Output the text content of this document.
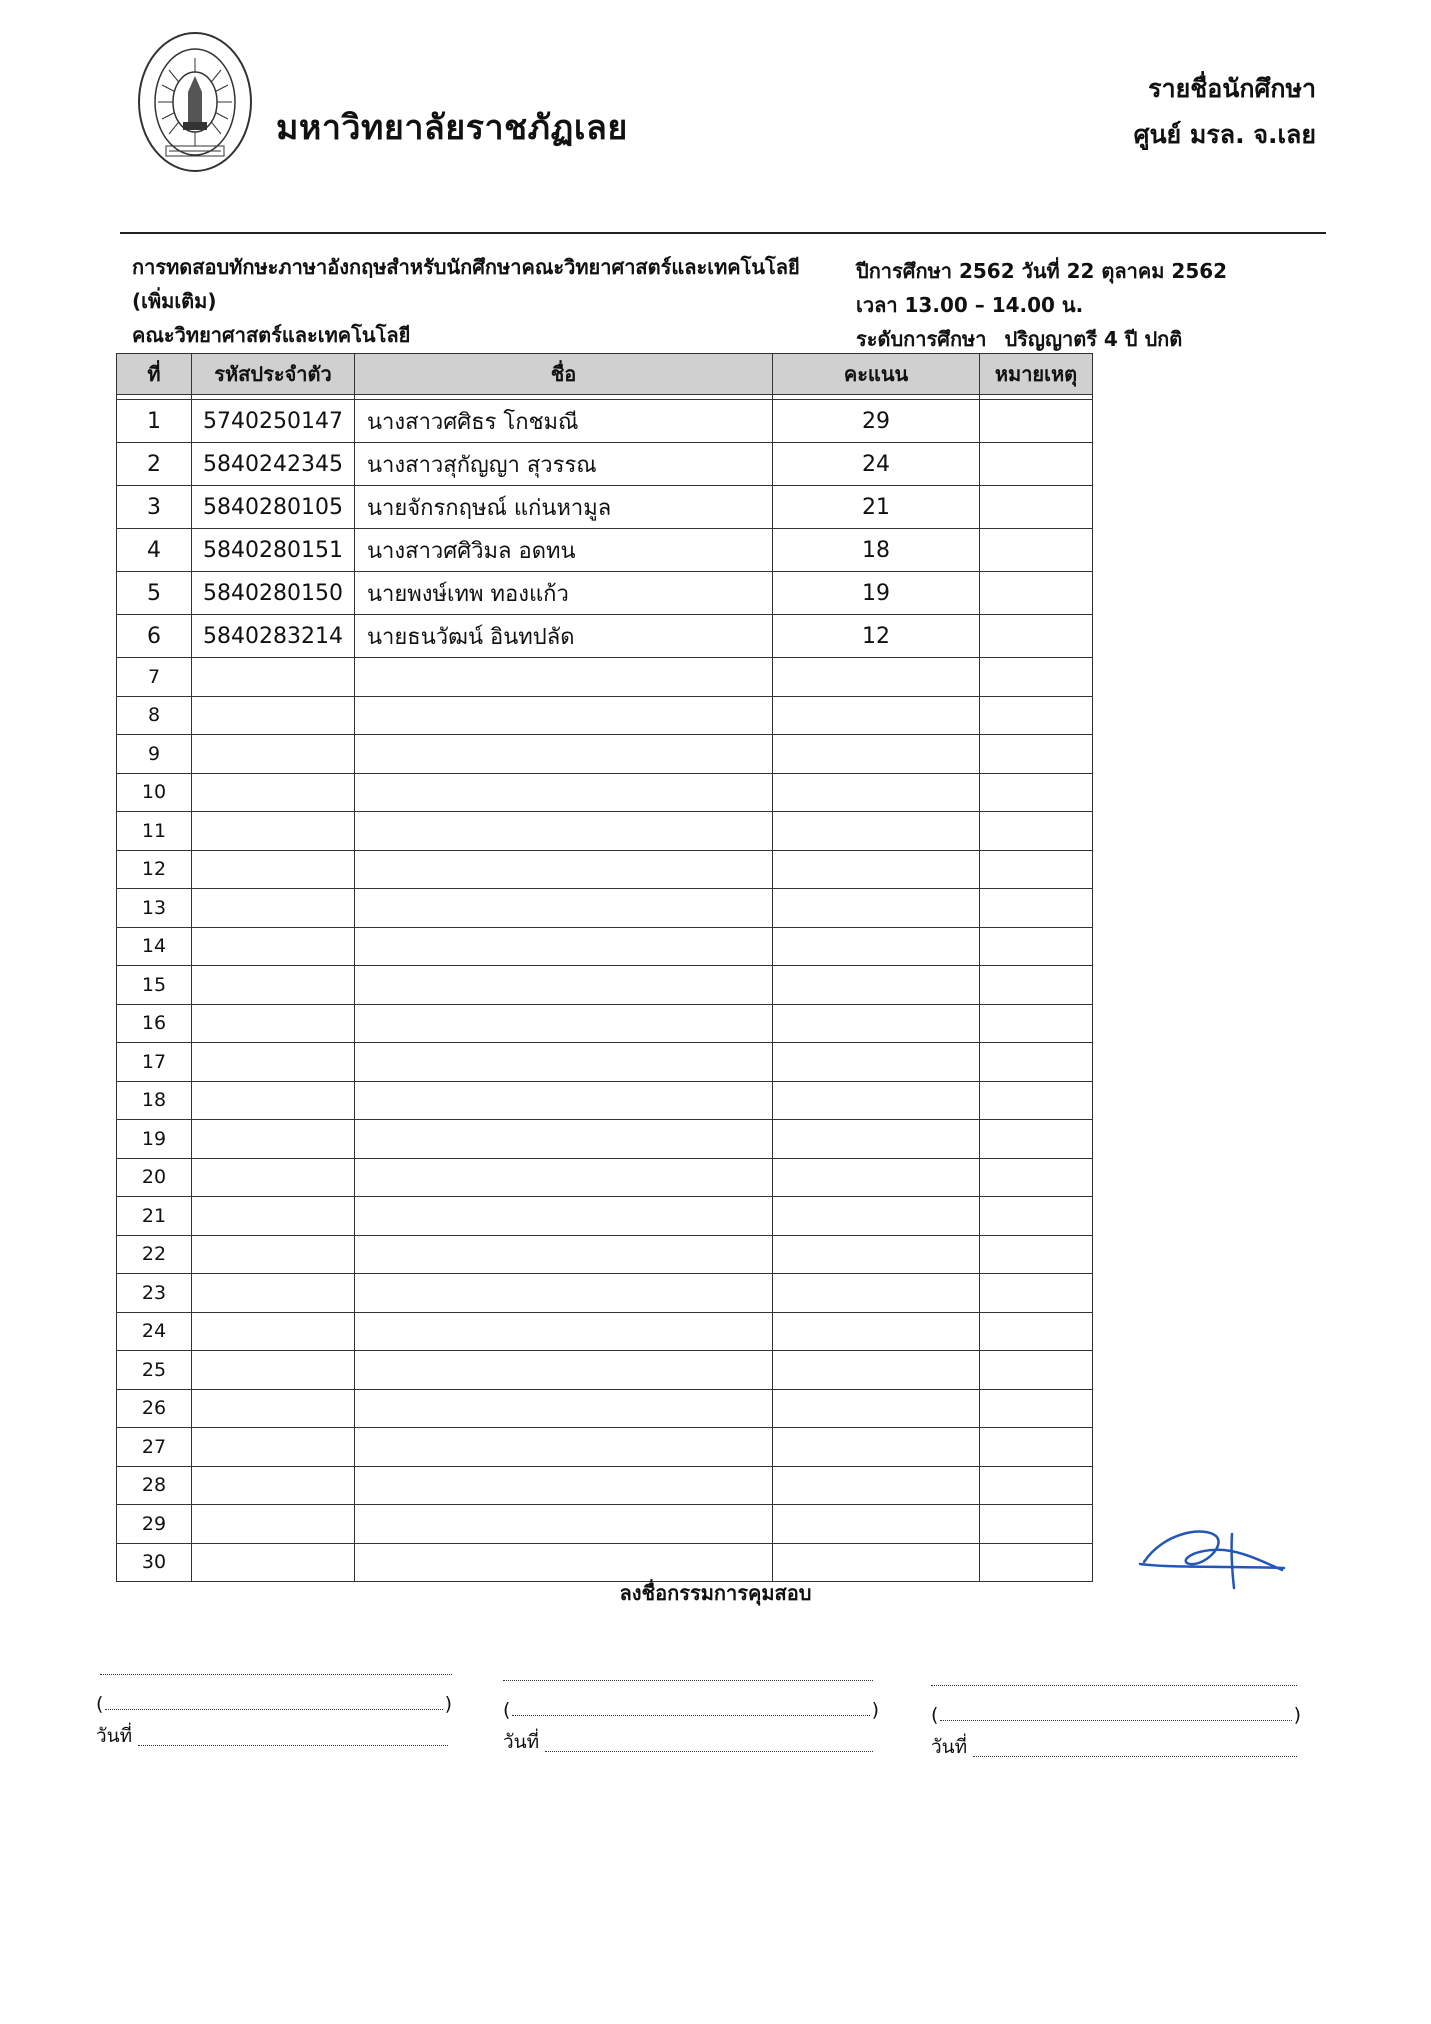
มหาวิทยาลัยราชภัฏเลย
รายชื่อนักศึกษา
ศูนย์ มรล. จ.เลย
การทดสอบทักษะภาษาอังกฤษสำหรับนักศึกษาคณะวิทยาศาสตร์และเทคโนโลยี
(เพิ่มเติม)
คณะวิทยาศาสตร์และเทคโนโลยี
ปีการศึกษา 2562 วันที่ 22 ตุลาคม 2562
เวลา 13.00 – 14.00 น.
ระดับการศึกษา ปริญญาตรี 4 ปี ปกติ
ที่	รหัสประจำตัว	ชื่อ	คะแนน	หมายเหตุ

1	5740250147	นางสาวศศิธร โกชมณี	29	
2	5840242345	นางสาวสุกัญญา สุวรรณ	24	
3	5840280105	นายจักรกฤษณ์ แก่นหามูล	21	
4	5840280151	นางสาวศศิวิมล อดทน	18	
5	5840280150	นายพงษ์เทพ ทองแก้ว	19	
6	5840283214	นายธนวัฒน์ อินทปลัด	12	
7				
8				
9				
10				
11				
12				
13				
14				
15				
16				
17				
18				
19				
20				
21				
22				
23				
24				
25				
26				
27				
28				
29				
30				
ลงชื่อกรรมการคุมสอบ
(	)
วันที่
(	)
วันที่
(	)
วันที่
